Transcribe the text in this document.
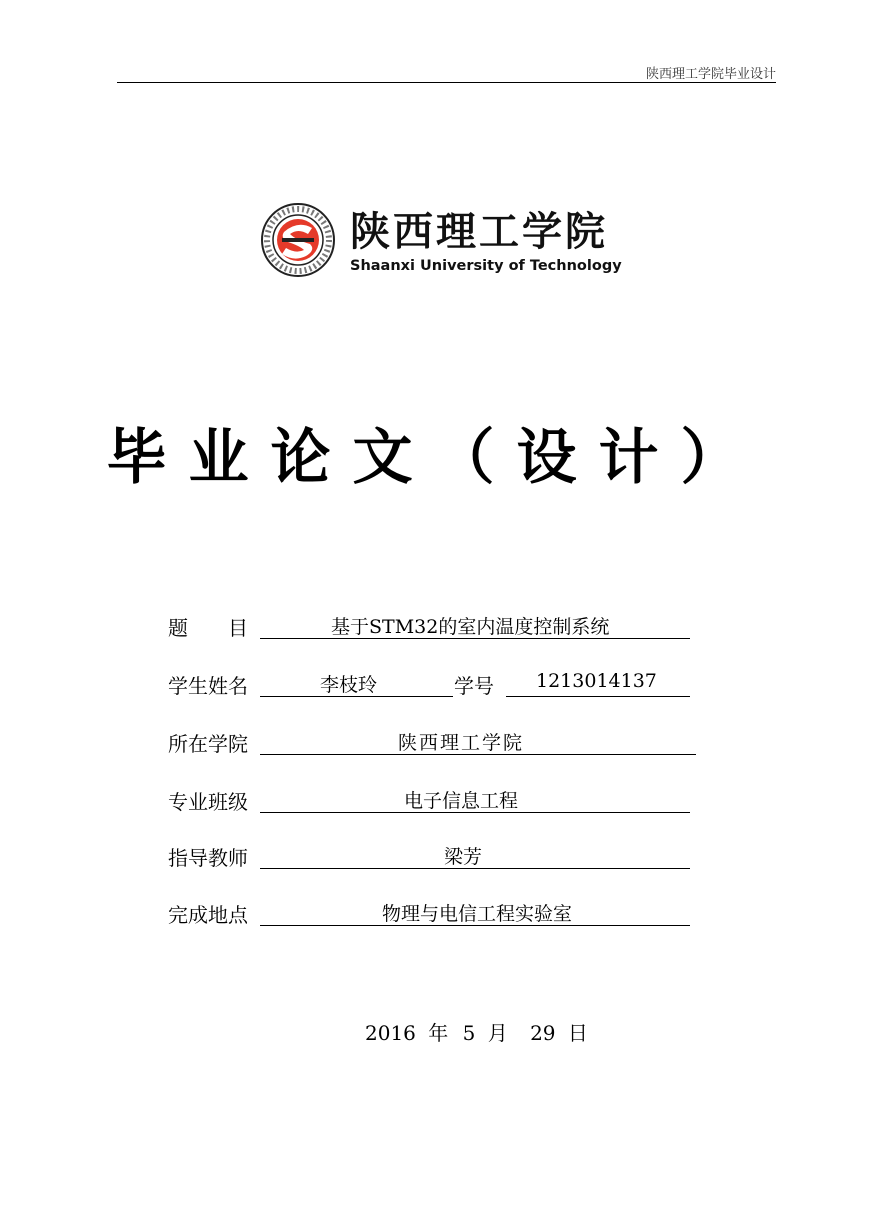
陕西理工学院毕业设计
陕西理工学院
Shaanxi University of Technology
毕业论文（设计）
题　　目	基于STM32的室内温度控制系统
学生姓名	李枝玲	学号 1213014137
所在学院	陕西理工学院
专业班级	电子信息工程
指导教师	梁芳
完成地点	物理与电信工程实验室
2016 年 5 月 29 日
